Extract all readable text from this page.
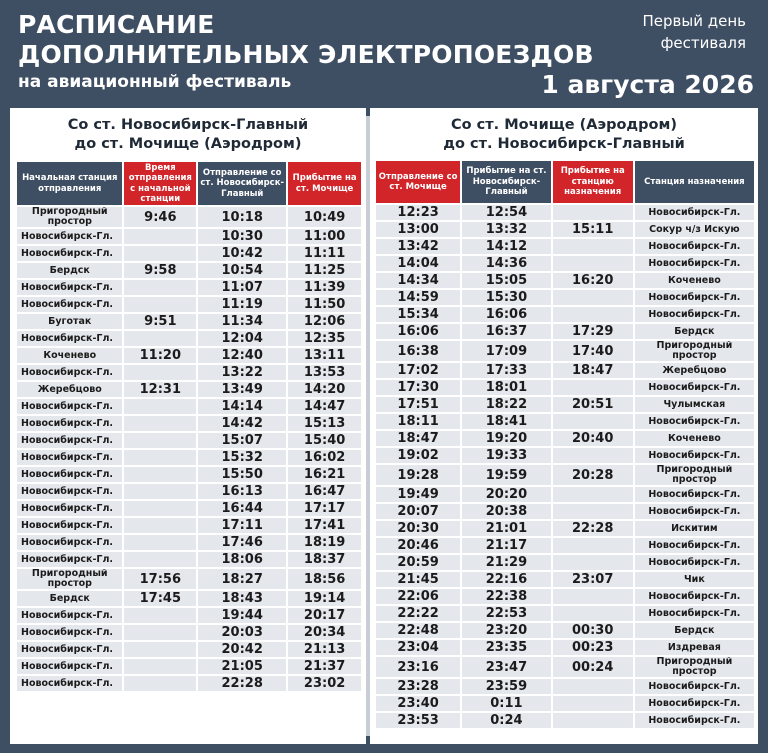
РАСПИСАНИЕ
ДОПОЛНИТЕЛЬНЫХ ЭЛЕКТРОПОЕЗДОВ
на авиационный фестиваль
Первый день фестиваля
1 августа 2026
Со ст. Новосибирск-Главный
до ст. Мочище (Аэродром)
Начальная станция отправления	Время отправления с начальной станции	Отправление со ст. Новосибирск-Главный	Прибытие на ст. Мочище
Пригородный простор	9:46	10:18	10:49
Новосибирск-Гл.		10:30	11:00
Новосибирск-Гл.		10:42	11:11
Бердск	9:58	10:54	11:25
Новосибирск-Гл.		11:07	11:39
Новосибирск-Гл.		11:19	11:50
Буготак	9:51	11:34	12:06
Новосибирск-Гл.		12:04	12:35
Коченево	11:20	12:40	13:11
Новосибирск-Гл.		13:22	13:53
Жеребцово	12:31	13:49	14:20
Новосибирск-Гл.		14:14	14:47
Новосибирск-Гл.		14:42	15:13
Новосибирск-Гл.		15:07	15:40
Новосибирск-Гл.		15:32	16:02
Новосибирск-Гл.		15:50	16:21
Новосибирск-Гл.		16:13	16:47
Новосибирск-Гл.		16:44	17:17
Новосибирск-Гл.		17:11	17:41
Новосибирск-Гл.		17:46	18:19
Новосибирск-Гл.		18:06	18:37
Пригородный простор	17:56	18:27	18:56
Бердск	17:45	18:43	19:14
Новосибирск-Гл.		19:44	20:17
Новосибирск-Гл.		20:03	20:34
Новосибирск-Гл.		20:42	21:13
Новосибирск-Гл.		21:05	21:37
Новосибирск-Гл.		22:28	23:02
Со ст. Мочище (Аэродром)
до ст. Новосибирск-Главный
Отправление со ст. Мочище	Прибытие на ст. Новосибирск-Главный	Прибытие на станцию назначения	Станция назначения
12:23	12:54		Новосибирск-Гл.
13:00	13:32	15:11	Сокур ч/з Искую
13:42	14:12		Новосибирск-Гл.
14:04	14:36		Новосибирск-Гл.
14:34	15:05	16:20	Коченево
14:59	15:30		Новосибирск-Гл.
15:34	16:06		Новосибирск-Гл.
16:06	16:37	17:29	Бердск
16:38	17:09	17:40	Пригородный простор
17:02	17:33	18:47	Жеребцово
17:30	18:01		Новосибирск-Гл.
17:51	18:22	20:51	Чулымская
18:11	18:41		Новосибирск-Гл.
18:47	19:20	20:40	Коченево
19:02	19:33		Новосибирск-Гл.
19:28	19:59	20:28	Пригородный простор
19:49	20:20		Новосибирск-Гл.
20:07	20:38		Новосибирск-Гл.
20:30	21:01	22:28	Искитим
20:46	21:17		Новосибирск-Гл.
20:59	21:29		Новосибирск-Гл.
21:45	22:16	23:07	Чик
22:06	22:38		Новосибирск-Гл.
22:22	22:53		Новосибирск-Гл.
22:48	23:20	00:30	Бердск
23:04	23:35	00:23	Издревая
23:16	23:47	00:24	Пригородный простор
23:28	23:59		Новосибирск-Гл.
23:40	0:11		Новосибирск-Гл.
23:53	0:24		Новосибирск-Гл.
